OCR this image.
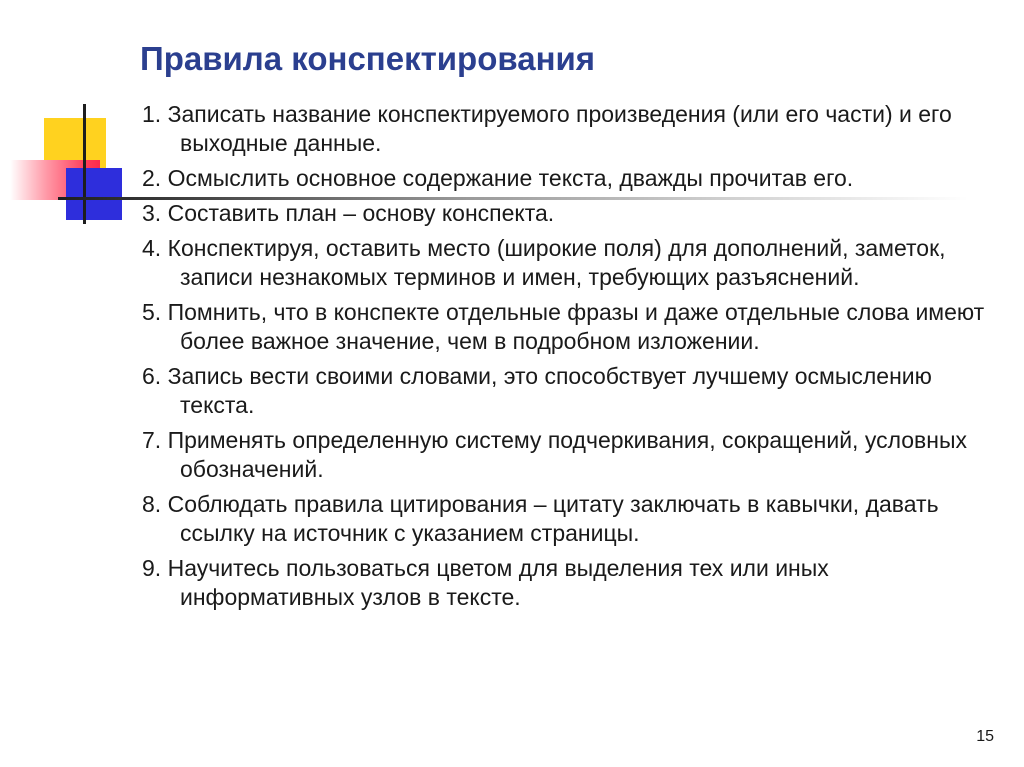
Правила конспектирования
1. Записать название конспектируемого произведения (или его части) и его выходные данные.
2. Осмыслить основное содержание текста, дважды прочитав его.
3. Составить план – основу конспекта.
4. Конспектируя, оставить место (широкие поля) для дополнений, заметок, записи незнакомых терминов и имен, требующих разъяснений.
5. Помнить, что в конспекте отдельные фразы и даже отдельные слова имеют более важное значение, чем в подробном изложении.
6. Запись вести своими словами, это способствует лучшему осмыслению текста.
7. Применять определенную систему подчеркивания, сокращений, условных обозначений.
8. Соблюдать правила цитирования – цитату заключать в кавычки, давать ссылку на источник с указанием страницы.
9. Научитесь пользоваться цветом для выделения тех или иных информативных узлов в тексте.
15
